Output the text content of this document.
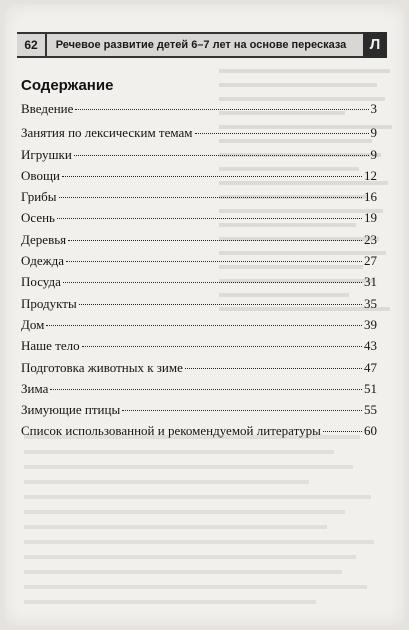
62	Речевое развитие детей 6–7 лет на основе пересказа	Л
Содержание
Введение	3
Занятия по лексическим темам	9
Игрушки	9
Овощи	12
Грибы	16
Осень	19
Деревья	23
Одежда	27
Посуда	31
Продукты	35
Дом	39
Наше тело	43
Подготовка животных к зиме	47
Зима	51
Зимующие птицы	55
Список использованной и рекомендуемой литературы	60
